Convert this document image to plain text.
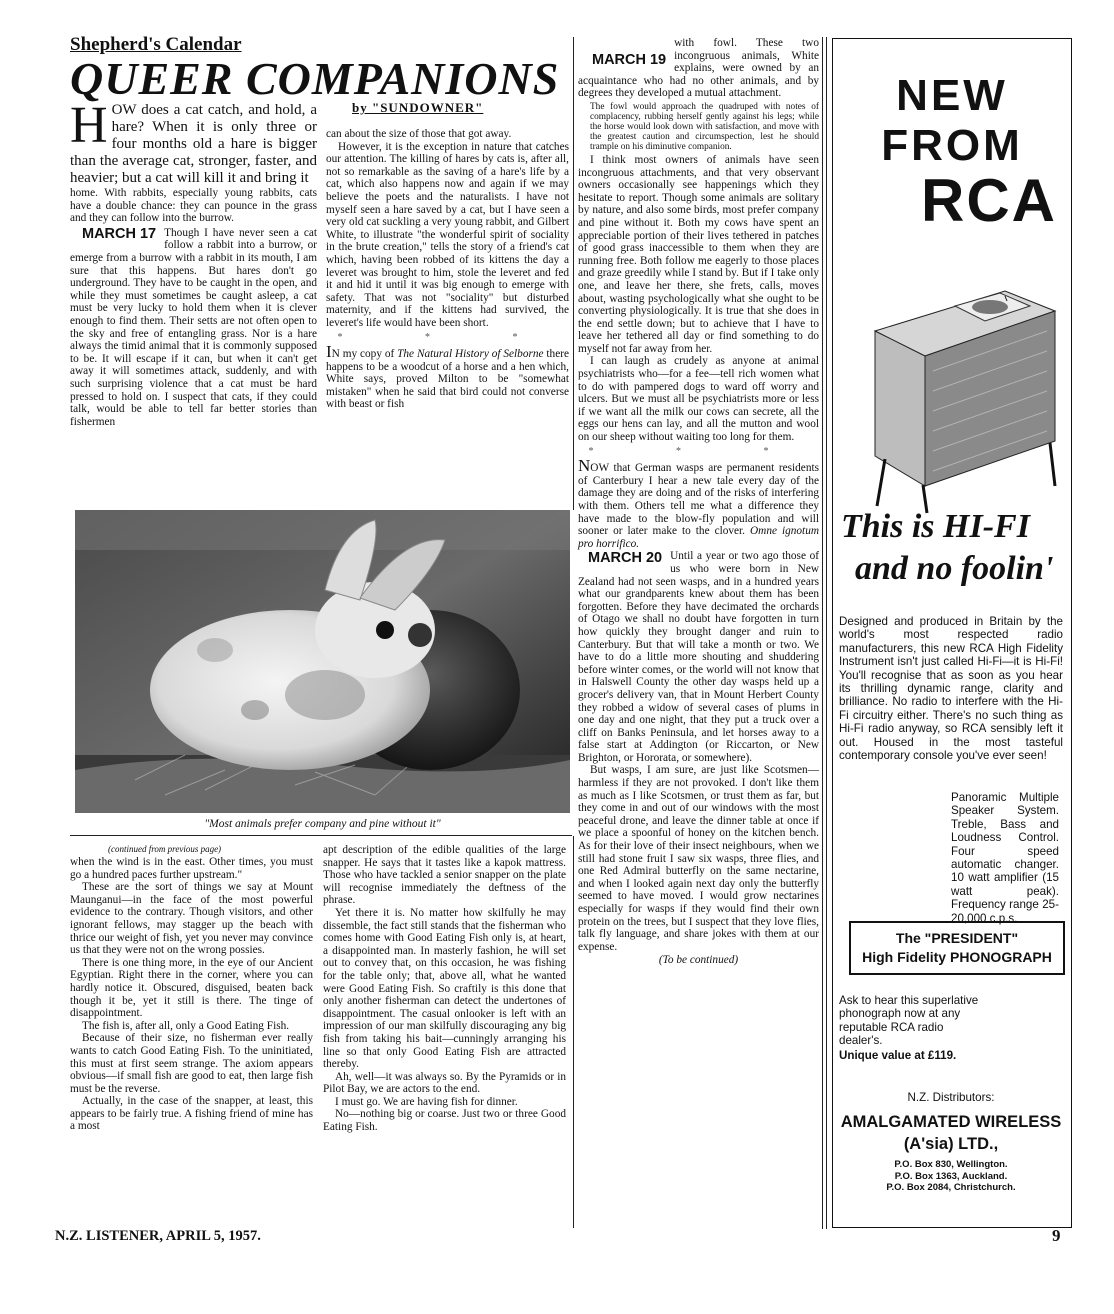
Shepherd's Calendar
QUEER COMPANIONS
HOW does a cat catch, and hold, a hare? When it is only three or four months old a hare is bigger than the average cat, stronger, faster, and heavier; but a cat will kill it and bring it

home. With rabbits, especially young rabbits, cats have a double chance: they can pounce in the grass and they can follow into the burrow.

MARCH 17 Though I have never seen a cat follow a rabbit into a burrow, or emerge from a burrow with a rabbit in its mouth, I am sure that this happens. But hares don't go underground. They have to be caught in the open, and while they must sometimes be caught asleep, a cat must be very lucky to hold them when it is clever enough to find them. Their setts are not often open to the sky and free of entangling grass. Nor is a hare always the timid animal that it is commonly supposed to be. It will escape if it can, but when it can't get away it will sometimes attack, suddenly, and with such surprising violence that a cat must be hard pressed to hold on. I suspect that cats, if they could talk, would be able to tell far better stories than fishermen
by "SUNDOWNER"

can about the size of those that got away.

However, it is the exception in nature that catches our attention. The killing of hares by cats is, after all, not so remarkable as the saving of a hare's life by a cat, which also happens now and again if we may believe the poets and the naturalists. I have not myself seen a hare saved by a cat, but I have seen a very old cat suckling a very young rabbit, and Gilbert White, to illustrate "the wonderful spirit of sociality in the brute creation," tells the story of a friend's cat which, having been robbed of its kittens the day a leveret was brought to him, stole the leveret and fed it and hid it until it was big enough to emerge with safety. That was not "sociality" but disturbed maternity, and if the kittens had survived, the leveret's life would have been short.

* * *

IN my copy of The Natural History of Selborne there happens to be a woodcut of a horse and a hen which, White says, proved Milton to be "somewhat mistaken" when he said that bird could not converse with beast or fish

MARCH 19
with fowl. These two incongruous animals, White explains, were owned by an acquaintance who had no other animals, and by degrees they developed a mutual attachment.
The fowl would approach the quadruped with notes of complacency, rubbing herself gently against his legs; while the horse would look down with satisfaction, and move with the greatest caution and circumspection, lest he should trample on his diminutive companion.

I think most owners of animals have seen incongruous attachments, and that very observant owners occasionally see happenings which they hesitate to report. Though some animals are solitary by nature, and also some birds, most prefer company and pine without it. Both my cows have spent an appreciable portion of their lives tethered in patches of good grass inaccessible to them when they are running free. Both follow me eagerly to those places and graze greedily while I stand by. But if I take only one, and leave her there, she frets, calls, moves about, wasting psychologically what she ought to be converting physiologically. It is true that she does in the end settle down; but to achieve that I have to leave her tethered all day or find something to do myself not far away from her.

I can laugh as crudely as anyone at animal psychiatrists who—for a fee—tell rich women what to do with pampered dogs to ward off worry and ulcers. But we must all be psychiatrists more or less if we want all the milk our cows can secrete, all the eggs our hens can lay, and all the mutton and wool on our sheep without waiting too long for them.

* * *
NOW that German wasps are permanent residents of Canterbury I hear a new tale every day of the damage they are doing and of the risks of interfering with them. Others tell me what a difference they have made to the blow-fly population and will sooner or later make to the clover. Omne ignotum pro horrifico.
MARCH 20 Until a year or two ago those of us who were born in New Zealand had not seen wasps, and in a hundred years what our grandparents knew about them has been forgotten. Before they have decimated the orchards of Otago we shall no doubt have forgotten in turn how quickly they brought danger and ruin to Canterbury. But that will take a month or two. We have to do a little more shouting and shuddering before winter comes, or the world will not know that in Halswell County the other day wasps held up a grocer's delivery van, that in Mount Herbert County they robbed a widow of several cases of plums in one day and one night, that they put a truck over a cliff on Banks Peninsula, and let horses away to a false start at Addington (or Riccarton, or New Brighton, or Hororata, or somewhere).

But wasps, I am sure, are just like Scotsmen—harmless if they are not provoked. I don't like them as much as I like Scotsmen, or trust them as far, but they come in and out of our windows with the most peaceful drone, and leave the dinner table at once if we place a spoonful of honey on the kitchen bench. As for their love of their insect neighbours, when we still had stone fruit I saw six wasps, three flies, and one Red Admiral butterfly on the same nectarine, and when I looked again next day only the butterfly seemed to have moved. I would grow nectarines especially for wasps if they would find their own protein on the trees, but I suspect that they love flies, talk fly language, and share jokes with them at our expense.

(To be continued)
"Most animals prefer company and pine without it"
(continued from previous page)

when the wind is in the east. Other times, you must go a hundred paces further upstream."

These are the sort of things we say at Mount Maunganui—in the face of the most powerful evidence to the contrary. Though visitors, and other ignorant fellows, may stagger up the beach with thrice our weight of fish, yet you never may convince us that they were not on the wrong possies.

There is one thing more, in the eye of our Ancient Egyptian. Right there in the corner, where you can hardly notice it. Obscured, disguised, beaten back though it be, yet it still is there. The tinge of disappointment.

The fish is, after all, only a Good Eating Fish.

Because of their size, no fisherman ever really wants to catch Good Eating Fish. To the uninitiated, this must at first seem strange. The axiom appears obvious—if small fish are good to eat, then large fish must be the reverse.

Actually, in the case of the snapper, at least, this appears to be fairly true. A fishing friend of mine has a most

apt description of the edible qualities of the large snapper. He says that it tastes like a kapok mattress. Those who have tackled a senior snapper on the plate will recognise immediately the deftness of the phrase.

Yet there it is. No matter how skilfully he may dissemble, the fact still stands that the fisherman who comes home with Good Eating Fish only is, at heart, a disappointed man. In masterly fashion, he will set out to convey that, on this occasion, he was fishing for the table only; that, above all, what he wanted were Good Eating Fish. So craftily is this done that only another fisherman can detect the undertones of disappointment. The casual onlooker is left with an impression of our man skilfully discouraging any big fish from taking his bait—cunningly arranging his line so that only Good Eating Fish are attracted thereby.

Ah, well—it was always so. By the Pyramids or in Pilot Bay, we are actors to the end.

I must go. We are having fish for dinner.

No—nothing big or coarse. Just two or three Good Eating Fish.

NEW FROM
RCA
This is HI-FI
and no foolin'
Designed and produced in Britain by the world's most respected radio manufacturers, this new RCA High Fidelity Instrument isn't just called Hi-Fi—it is Hi-Fi! You'll recognise that as soon as you hear its thrilling dynamic range, clarity and brilliance. No radio to interfere with the Hi-Fi circuitry either. There's no such thing as Hi-Fi radio anyway, so RCA sensibly left it out. Housed in the most tasteful contemporary console you've ever seen!
Panoramic Multiple Speaker System. Treble, Bass and Loudness Control. Four speed automatic changer. 10 watt amplifier (15 watt peak). Frequency range 25-20,000 c.p.s.
The "PRESIDENT"
High Fidelity PHONOGRAPH
Ask to hear this superlative phonograph now at any reputable RCA radio dealer's.
Unique value at £119.
N.Z. Distributors:
AMALGAMATED WIRELESS
(A'sia) LTD.,
P.O. Box 830, Wellington.
P.O. Box 1363, Auckland.
P.O. Box 2084, Christchurch.
N.Z. LISTENER, APRIL 5, 1957.	9
